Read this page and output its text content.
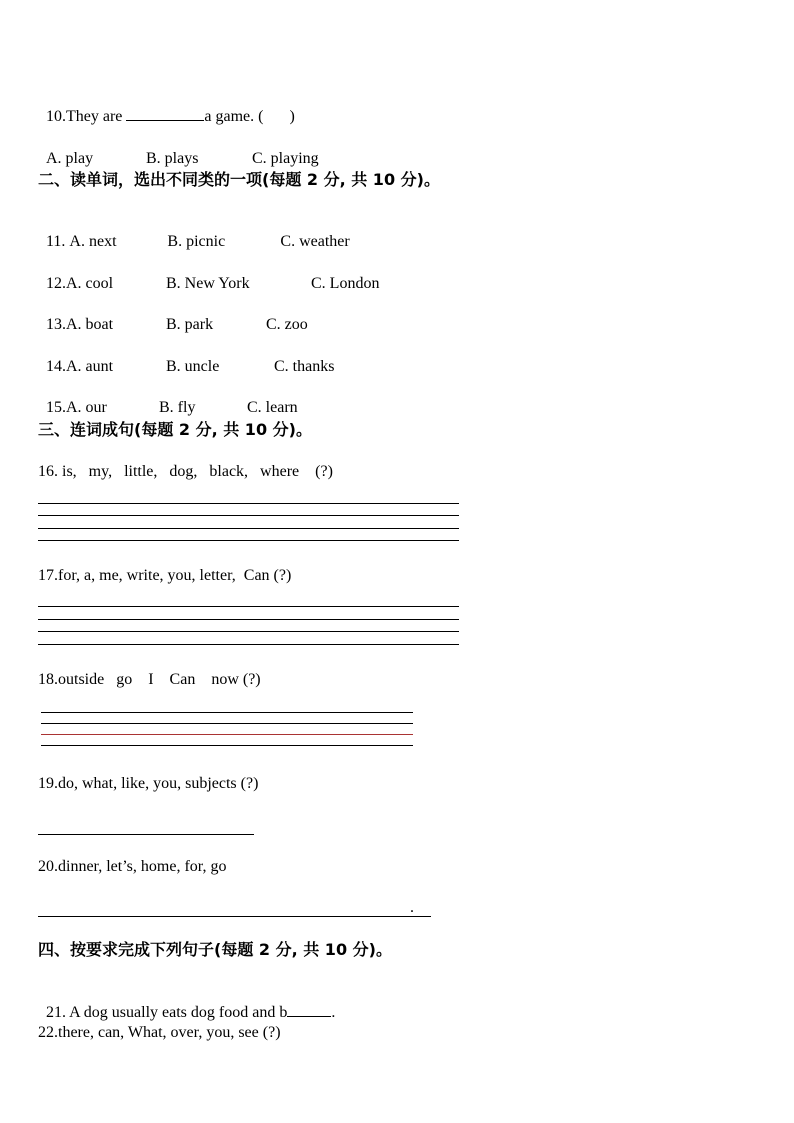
10.They are	a game. ( )

A. play	B. plays	C. playing

二、读单词，选出不同类的一项(每题 2 分, 共 10 分)。

11. A. next	B. picnic	C. weather

12.A. cool	B. New York	C. London

13.A. boat	B. park	C. zoo

14.A. aunt	B. uncle	C. thanks

15.A. our	B. fly	C. learn

三、连词成句(每题 2 分, 共 10 分)。
16. is,   my,   little,   dog,   black,   where    (?)
17.for, a, me, write, you, letter,  Can (?)
18.outside   go    I    Can    now (?)
19.do, what, like, you, subjects (?)
20.dinner, let’s, home, for, go
.
四、按要求完成下列句子(每题 2 分, 共 10 分)。

21. A dog usually eats dog food and b	.

22.there, can, What, over, you, see (?)
